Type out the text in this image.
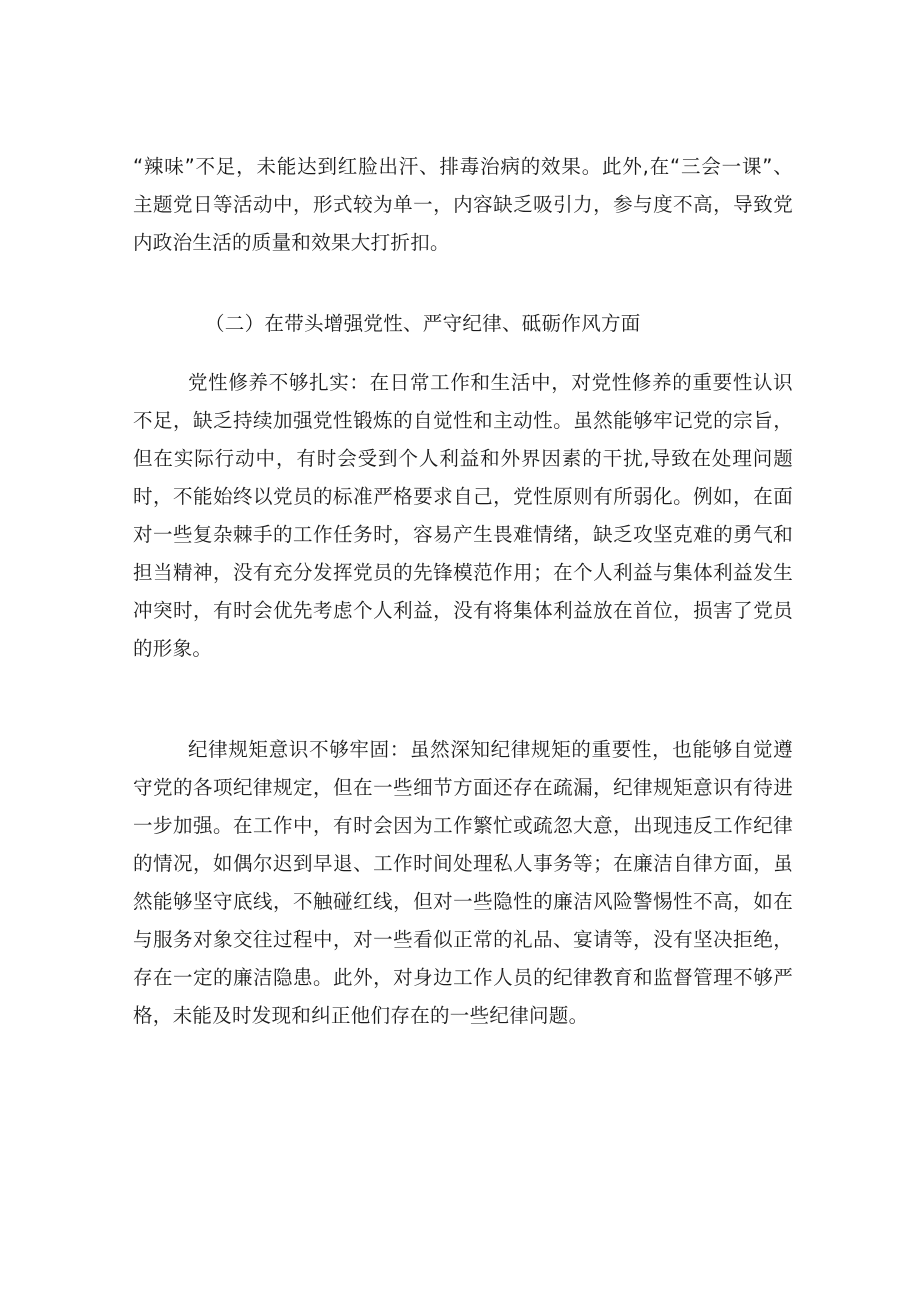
“辣味”不足，未能达到红脸出汗、排毒治病的效果。此外,在“三会一课”、主题党日等活动中，形式较为单一，内容缺乏吸引力，参与度不高，导致党内政治生活的质量和效果大打折扣。

（二）在带头增强党性、严守纪律、砥砺作风方面

党性修养不够扎实：在日常工作和生活中，对党性修养的重要性认识不足，缺乏持续加强党性锻炼的自觉性和主动性。虽然能够牢记党的宗旨，但在实际行动中，有时会受到个人利益和外界因素的干扰,导致在处理问题时，不能始终以党员的标准严格要求自己，党性原则有所弱化。例如，在面对一些复杂棘手的工作任务时，容易产生畏难情绪，缺乏攻坚克难的勇气和担当精神，没有充分发挥党员的先锋模范作用；在个人利益与集体利益发生冲突时，有时会优先考虑个人利益，没有将集体利益放在首位，损害了党员的形象。

纪律规矩意识不够牢固：虽然深知纪律规矩的重要性，也能够自觉遵守党的各项纪律规定，但在一些细节方面还存在疏漏，纪律规矩意识有待进一步加强。在工作中，有时会因为工作繁忙或疏忽大意，出现违反工作纪律的情况，如偶尔迟到早退、工作时间处理私人事务等；在廉洁自律方面，虽然能够坚守底线，不触碰红线，但对一些隐性的廉洁风险警惕性不高，如在与服务对象交往过程中，对一些看似正常的礼品、宴请等，没有坚决拒绝，存在一定的廉洁隐患。此外，对身边工作人员的纪律教育和监督管理不够严格，未能及时发现和纠正他们存在的一些纪律问题。
